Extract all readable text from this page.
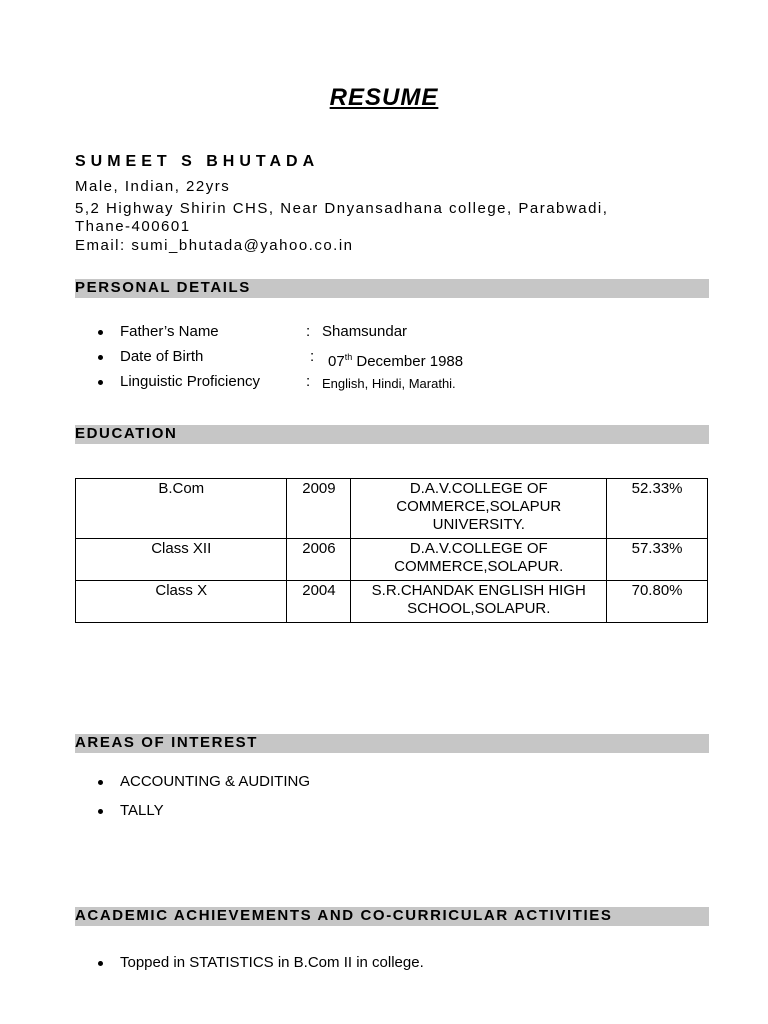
RESUME
SUMEET S BHUTADA
Male, Indian, 22yrs
5,2 Highway Shirin CHS, Near Dnyansadhana college, Parabwadi,
Thane-400601
Email: sumi_bhutada@yahoo.co.in
PERSONAL DETAILS
Father’s Name	: Shamsundar
Date of Birth	: 07th December 1988
Linguistic Proficiency	: English, Hindi, Marathi.
EDUCATION
B.Com	2009	D.A.V.COLLEGE OF COMMERCE,SOLAPUR UNIVERSITY.	52.33%
Class XII	2006	D.A.V.COLLEGE OF COMMERCE,SOLAPUR.	57.33%
Class X	2004	S.R.CHANDAK ENGLISH HIGH SCHOOL,SOLAPUR.	70.80%
AREAS OF INTEREST
ACCOUNTING & AUDITING
TALLY
ACADEMIC ACHIEVEMENTS AND CO-CURRICULAR ACTIVITIES
Topped in STATISTICS in B.Com II in college.
